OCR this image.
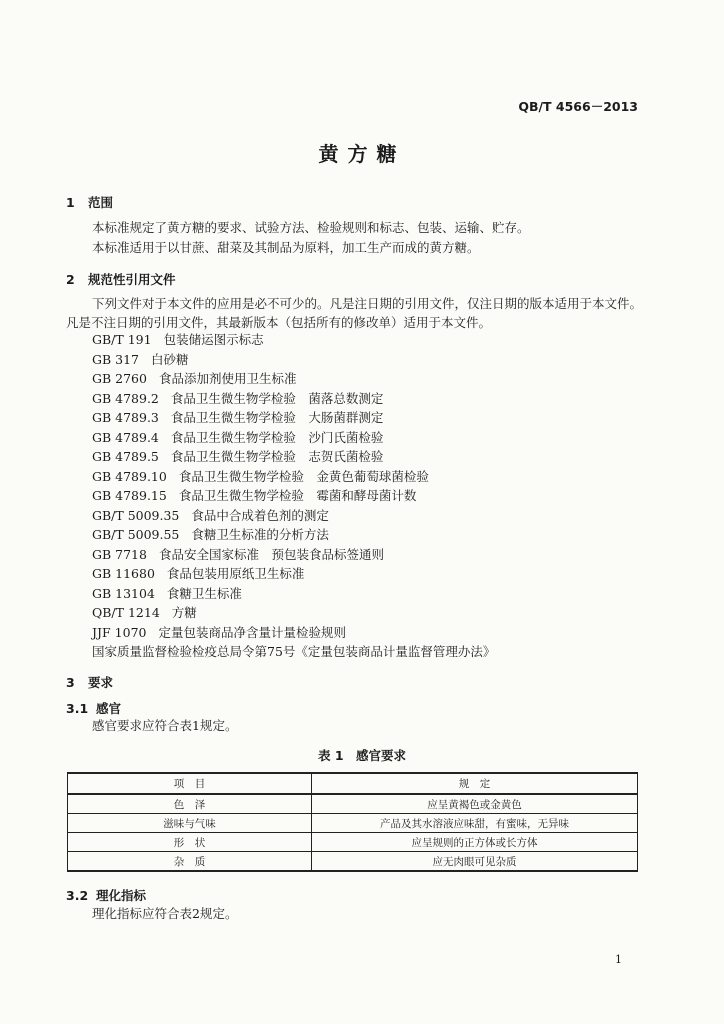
QB/T 4566－2013
黄方糖
1 范围
本标准规定了黄方糖的要求、试验方法、检验规则和标志、包装、运输、贮存。
本标准适用于以甘蔗、甜菜及其制品为原料，加工生产而成的黄方糖。
2 规范性引用文件
下列文件对于本文件的应用是必不可少的。凡是注日期的引用文件，仅注日期的版本适用于本文件。
凡是不注日期的引用文件，其最新版本（包括所有的修改单）适用于本文件。
GB/T 191 包装储运图示标志
GB 317 白砂糖
GB 2760 食品添加剂使用卫生标准
GB 4789.2 食品卫生微生物学检验　菌落总数测定
GB 4789.3 食品卫生微生物学检验　大肠菌群测定
GB 4789.4 食品卫生微生物学检验　沙门氏菌检验
GB 4789.5 食品卫生微生物学检验　志贺氏菌检验
GB 4789.10 食品卫生微生物学检验　金黄色葡萄球菌检验
GB 4789.15 食品卫生微生物学检验　霉菌和酵母菌计数
GB/T 5009.35 食品中合成着色剂的测定
GB/T 5009.55 食糖卫生标准的分析方法
GB 7718 食品安全国家标准　预包装食品标签通则
GB 11680 食品包装用原纸卫生标准
GB 13104 食糖卫生标准
QB/T 1214 方糖
JJF 1070 定量包装商品净含量计量检验规则
国家质量监督检验检疫总局令第75号《定量包装商品计量监督管理办法》
3 要求
3.1 感官
感官要求应符合表1规定。
表 1　感官要求
项　目	规　定
色　泽	应呈黄褐色或金黄色
滋味与气味	产品及其水溶液应味甜，有蜜味，无异味
形　状	应呈规则的正方体或长方体
杂　质	应无肉眼可见杂质
3.2 理化指标
理化指标应符合表2规定。
1
